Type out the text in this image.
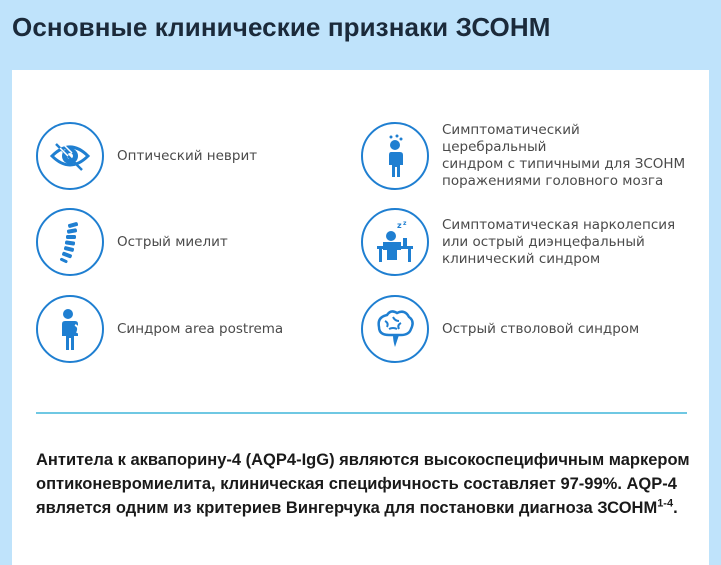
Основные клинические признаки ЗСОНМ
Оптический неврит
Острый миелит
Синдром area postrema
Симптоматический
церебральный
синдром с типичными для ЗСОНМ
поражениями головного мозга
z z	Симптоматическая нарколепсия
или острый диэнцефальный
клинический синдром
Острый стволовой синдром
Антитела к аквапорину-4 (AQP4-IgG) являются высокоспецифичным маркером оптиконевромиелита, клиническая специфичность составляет 97-99%. AQP-4 является одним из критериев Вингерчука для постановки диагноза ЗСОНМ$^{1-4}$.
